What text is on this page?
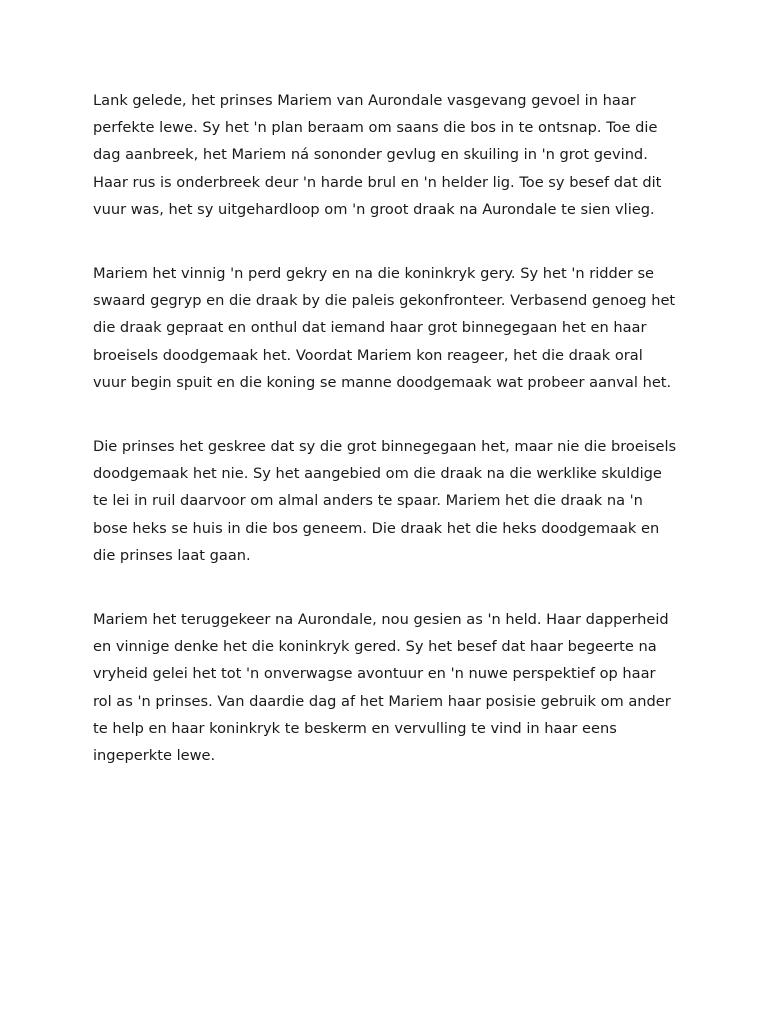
Lank gelede, het prinses Mariem van Aurondale vasgevang gevoel in haar perfekte lewe. Sy het 'n plan beraam om saans die bos in te ontsnap. Toe die dag aanbreek, het Mariem ná sononder gevlug en skuiling in 'n grot gevind. Haar rus is onderbreek deur 'n harde brul en 'n helder lig. Toe sy besef dat dit vuur was, het sy uitgehardloop om 'n groot draak na Aurondale te sien vlieg.

Mariem het vinnig 'n perd gekry en na die koninkryk gery. Sy het 'n ridder se swaard gegryp en die draak by die paleis gekonfronteer. Verbasend genoeg het die draak gepraat en onthul dat iemand haar grot binnegegaan het en haar broeisels doodgemaak het. Voordat Mariem kon reageer, het die draak oral vuur begin spuit en die koning se manne doodgemaak wat probeer aanval het.

Die prinses het geskree dat sy die grot binnegegaan het, maar nie die broeisels doodgemaak het nie. Sy het aangebied om die draak na die werklike skuldige te lei in ruil daarvoor om almal anders te spaar. Mariem het die draak na 'n bose heks se huis in die bos geneem. Die draak het die heks doodgemaak en die prinses laat gaan.

Mariem het teruggekeer na Aurondale, nou gesien as 'n held. Haar dapperheid en vinnige denke het die koninkryk gered. Sy het besef dat haar begeerte na vryheid gelei het tot 'n onverwagse avontuur en 'n nuwe perspektief op haar rol as 'n prinses. Van daardie dag af het Mariem haar posisie gebruik om ander te help en haar koninkryk te beskerm en vervulling te vind in haar eens ingeperkte lewe.
